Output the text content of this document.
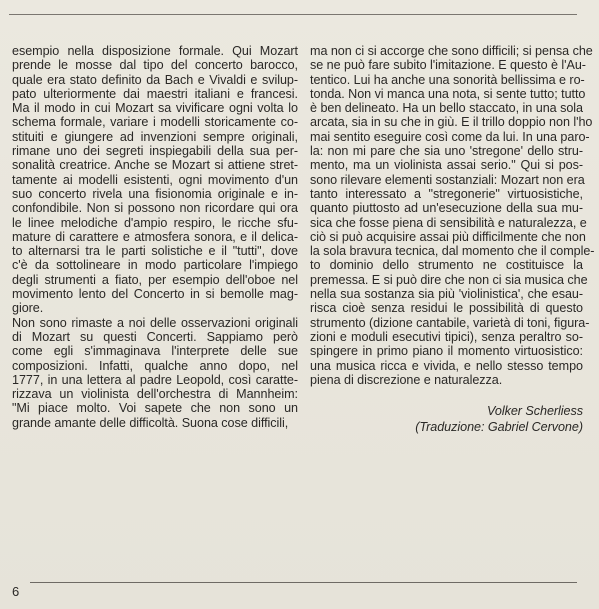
esempio nella disposizione formale. Qui Mozart
prende le mosse dal tipo del concerto barocco,
quale era stato definito da Bach e Vivaldi e svilup-
pato ulteriormente dai maestri italiani e francesi.
Ma il modo in cui Mozart sa vivificare ogni volta lo
schema formale, variare i modelli storicamente co-
stituiti e giungere ad invenzioni sempre originali,
rimane uno dei segreti inspiegabili della sua per-
sonalità creatrice. Anche se Mozart si attiene stret-
tamente ai modelli esistenti, ogni movimento d'un
suo concerto rivela una fisionomia originale e in-
confondibile. Non si possono non ricordare qui ora
le linee melodiche d'ampio respiro, le ricche sfu-
mature di carattere e atmosfera sonora, e il delica-
to alternarsi tra le parti solistiche e il "tutti", dove
c'è da sottolineare in modo particolare l'impiego
degli strumenti a fiato, per esempio dell'oboe nel
movimento lento del Concerto in si bemolle mag-
giore.
Non sono rimaste a noi delle osservazioni originali
di Mozart su questi Concerti. Sappiamo però
come egli s'immaginava l'interprete delle sue
composizioni. Infatti, qualche anno dopo, nel
1777, in una lettera al padre Leopold, così caratte-
rizzava un violinista dell'orchestra di Mannheim:
"Mi piace molto. Voi sapete che non sono un
grande amante delle difficoltà. Suona cose difficili,

ma non ci si accorge che sono difficili; si pensa che
se ne può fare subito l'imitazione. E questo è l'Au-
tentico. Lui ha anche una sonorità bellissima e ro-
tonda. Non vi manca una nota, si sente tutto; tutto
è ben delineato. Ha un bello staccato, in una sola
arcata, sia in su che in giù. E il trillo doppio non l'ho
mai sentito eseguire così come da lui. In una paro-
la: non mi pare che sia uno 'stregone' dello stru-
mento, ma un violinista assai serio." Qui si pos-
sono rilevare elementi sostanziali: Mozart non era
tanto interessato a "stregonerie" virtuosistiche,
quanto piuttosto ad un'esecuzione della sua mu-
sica che fosse piena di sensibilità e naturalezza, e
ciò si può acquisire assai più difficilmente che non
la sola bravura tecnica, dal momento che il comple-
to dominio dello strumento ne costituisce la
premessa. E si può dire che non ci sia musica che
nella sua sostanza sia più 'violinistica', che esau-
risca cioè senza residui le possibilità di questo
strumento (dizione cantabile, varietà di toni, figura-
zioni e moduli esecutivi tipici), senza peraltro so-
spingere in primo piano il momento virtuosistico:
una musica ricca e vivida, e nello stesso tempo
piena di discrezione e naturalezza.

Volker Scherliess
(Traduzione: Gabriel Cervone)
6
